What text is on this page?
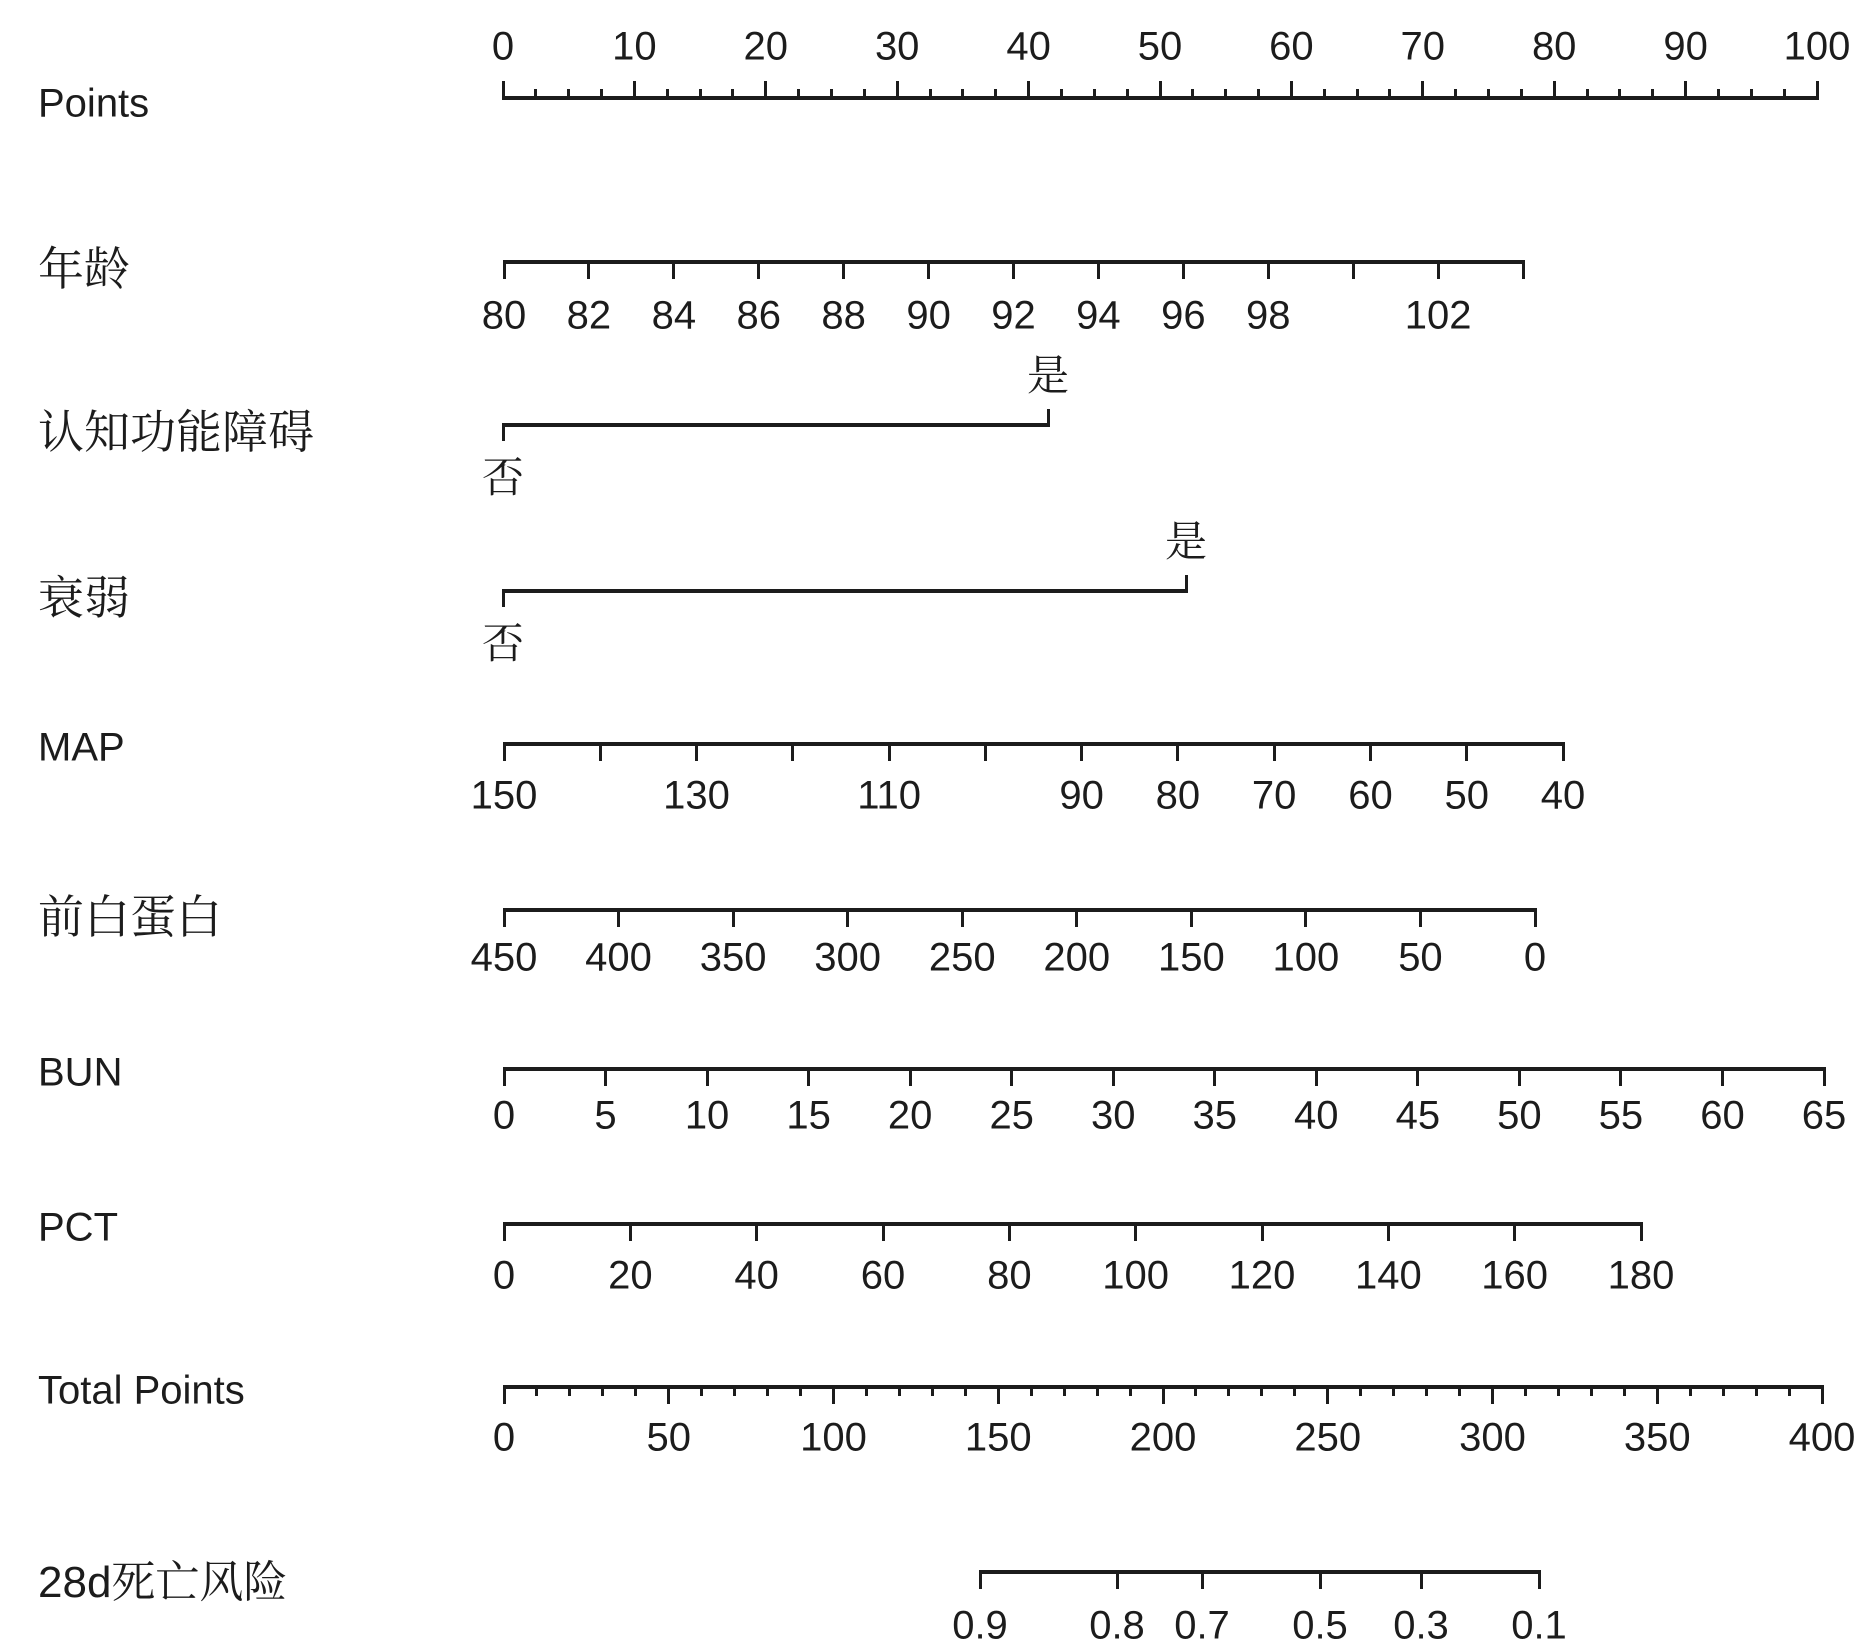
Points
年龄
认知功能障碍
衰弱
MAP
前白蛋白
BUN
PCT
Total Points
28d死亡风险
0 10 20 30 40 50 60 70 80 90 100
80 82 84 86 88 90 92 94 96 98	102
否
是
否
是
150	130	110	90 80 70 60 50 40
450 400 350 300 250 200 150 100 50 0
0 5 10 15 20 25 30 35 40 45 50 55 60 65
0 20 40 60 80 100 120 140 160 180
0	50	100 150 200 250 300 350 400
0.9 0.8 0.7 0.5 0.3 0.1
